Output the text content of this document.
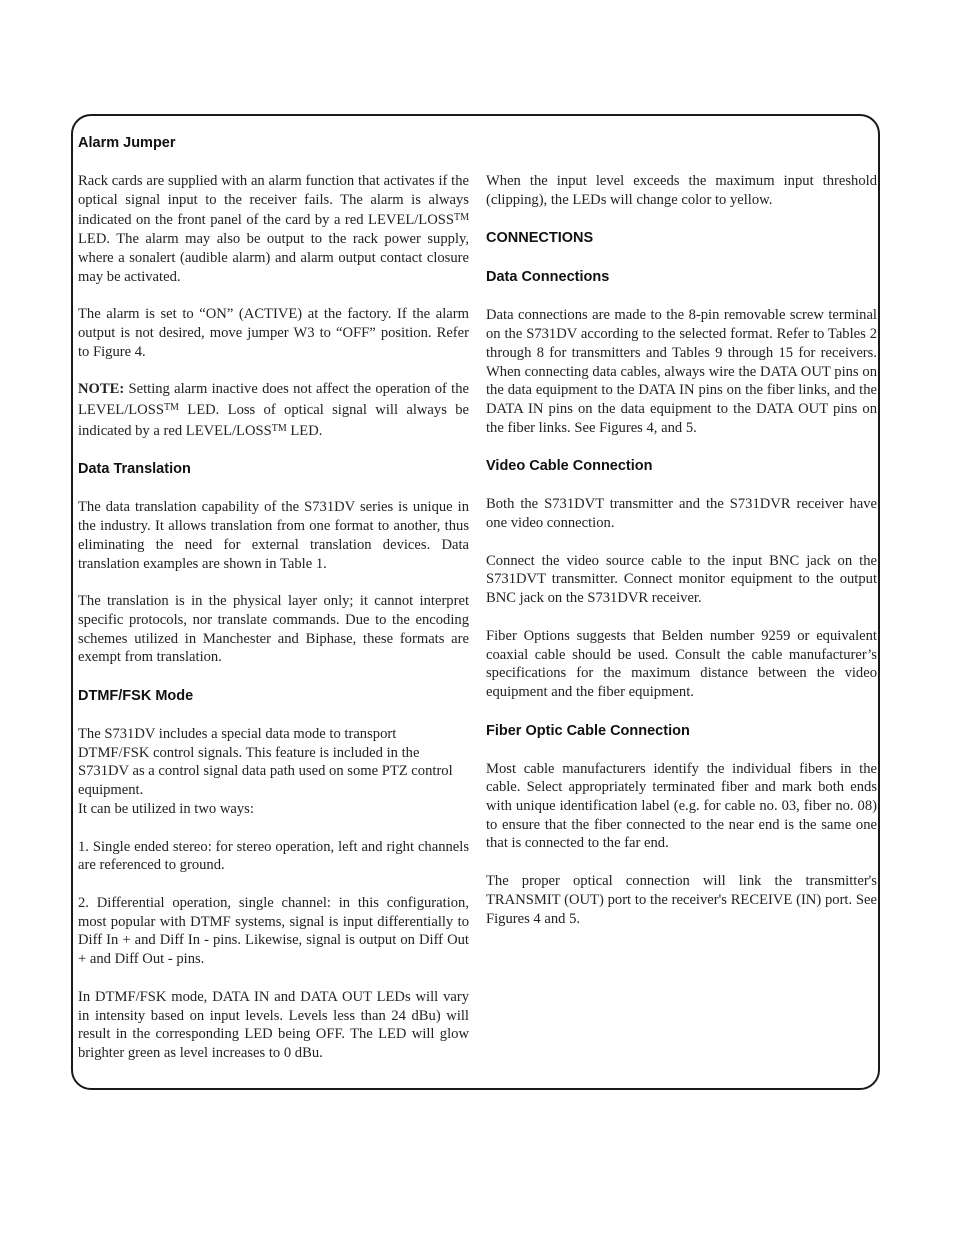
Alarm Jumper

Rack cards are supplied with an alarm function that activates if the optical signal input to the receiver fails. The alarm is always indicated on the front panel of the card by a red LEVEL/LOSS™ LED. The alarm may also be output to the rack power supply, where a sonalert (audible alarm) and alarm output contact closure may be activated.

The alarm is set to “ON” (ACTIVE) at the factory. If the alarm output is not desired, move jumper W3 to “OFF” position. Refer to Figure 4.

NOTE: Setting alarm inactive does not affect the operation of the LEVEL/LOSS™ LED. Loss of optical signal will always be indicated by a red LEVEL/LOSS™ LED.

Data Translation

The data translation capability of the S731DV series is unique in the industry. It allows translation from one format to another, thus eliminating the need for external translation devices. Data translation examples are shown in Table 1.

The translation is in the physical layer only; it cannot interpret specific protocols, nor translate commands. Due to the encoding schemes utilized in Manchester and Biphase, these formats are exempt from translation.

DTMF/FSK Mode

The S731DV includes a special data mode to transport DTMF/FSK control signals. This feature is included in the S731DV as a control signal data path used on some PTZ control equipment.
It can be utilized in two ways:

1. Single ended stereo: for stereo operation, left and right channels are referenced to ground.

2. Differential operation, single channel: in this configuration, most popular with DTMF systems, signal is input differentially to Diff In + and Diff In - pins. Likewise, signal is output on Diff Out + and Diff Out - pins.

In DTMF/FSK mode, DATA IN and DATA OUT LEDs will vary in intensity based on input levels. Levels less than 24 dBu) will result in the corresponding LED being OFF. The LED will glow brighter green as level increases to 0 dBu.

When the input level exceeds the maximum input threshold (clipping), the LEDs will change color to yellow.

CONNECTIONS
Data Connections

Data connections are made to the 8-pin removable screw terminal on the S731DV according to the selected format. Refer to Tables 2 through 8 for transmitters and Tables 9 through 15 for receivers. When connecting data cables, always wire the DATA OUT pins on the data equipment to the DATA IN pins on the fiber links, and the DATA IN pins on the data equipment to the DATA OUT pins on the fiber links. See Figures 4, and 5.

Video Cable Connection

Both the S731DVT transmitter and the S731DVR receiver have one video connection.

Connect the video source cable to the input BNC jack on the S731DVT transmitter. Connect monitor equipment to the output BNC jack on the S731DVR receiver.

Fiber Options suggests that Belden number 9259 or equivalent coaxial cable should be used. Consult the cable manufacturer’s specifications for the maximum distance between the video equipment and the fiber equipment.

Fiber Optic Cable Connection

Most cable manufacturers identify the individual fibers in the cable. Select appropriately terminated fiber and mark both ends with unique identification label (e.g. for cable no. 03, fiber no. 08) to ensure that the fiber connected to the near end is the same one that is connected to the far end.

The proper optical connection will link the transmitter's TRANSMIT (OUT) port to the receiver's RECEIVE (IN) port. See Figures 4 and 5.
